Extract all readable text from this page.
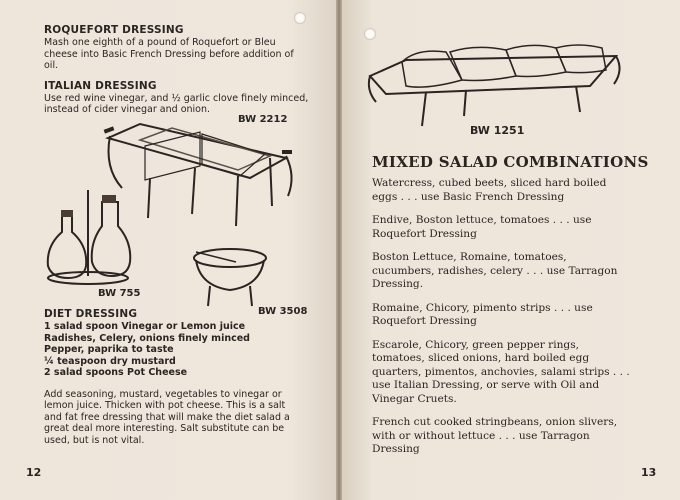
ROQUEFORT DRESSING

Mash one eighth of a pound of Roquefort or Bleu cheese into Basic French Dressing before addition of oil.

ITALIAN DRESSING

Use red wine vinegar, and ½ garlic clove finely minced, instead of cider vinegar and onion.

BW 2212
BW 755
BW 3508
DIET DRESSING
1 salad spoon Vinegar or Lemon juice
Radishes, Celery, onions finely minced
Pepper, paprika to taste
¼ teaspoon dry mustard
2 salad spoons Pot Cheese

Add seasoning, mustard, vegetables to vinegar or lemon juice. Thicken with pot cheese. This is a salt and fat free dressing that will make the diet salad a great deal more interesting. Salt substitute can be used, but is not vital.

12
BW 1251
MIXED SALAD COMBINATIONS

Watercress, cubed beets, sliced hard boiled eggs . . . use Basic French Dressing

Endive, Boston lettuce, tomatoes . . . use Roquefort Dressing

Boston Lettuce, Romaine, tomatoes, cucumbers, radishes, celery . . . use Tarragon Dressing.

Romaine, Chicory, pimento strips . . . use Roquefort Dressing

Escarole, Chicory, green pepper rings, tomatoes, sliced onions, hard boiled egg quarters, pimentos, anchovies, salami strips . . . use Italian Dressing, or serve with Oil and Vinegar Cruets.

French cut cooked stringbeans, onion slivers, with or without lettuce . . . use Tarragon Dressing

13
